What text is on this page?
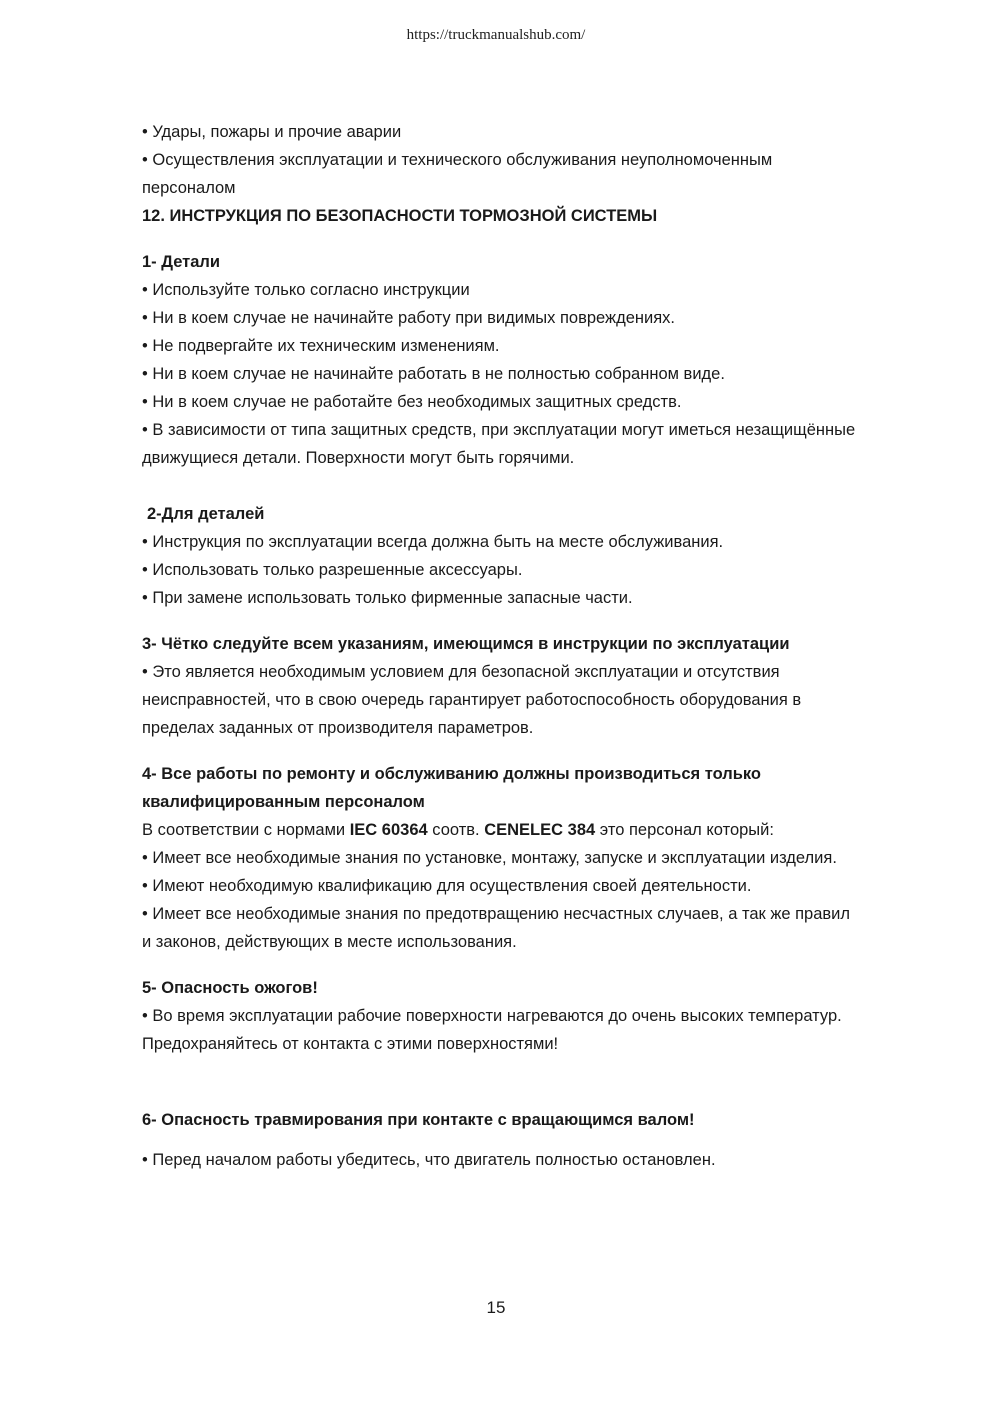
https://truckmanualshub.com/

• Удары, пожары и прочие аварии

• Осуществления эксплуатации и технического обслуживания неуполномоченным персоналом

12. ИНСТРУКЦИЯ ПО БЕЗОПАСНОСТИ ТОРМОЗНОЙ СИСТЕМЫ

1- Детали

• Используйте только согласно инструкции

• Ни в коем случае не начинайте работу при видимых повреждениях.

• Не подвергайте их техническим изменениям.

• Ни в коем случае не начинайте работать в не полностью собранном виде.

• Ни в коем случае не работайте без необходимых защитных средств.

• В зависимости от типа защитных средств, при эксплуатации могут иметься незащищённые движущиеся детали. Поверхности могут быть горячими.

2-Для деталей

• Инструкция по эксплуатации всегда должна быть на месте обслуживания.

• Использовать только разрешенные аксессуары.

• При замене использовать только фирменные запасные части.

3- Чётко следуйте всем указаниям, имеющимся в инструкции по эксплуатации

• Это является необходимым условием для безопасной эксплуатации и отсутствия неисправностей, что в свою очередь гарантирует работоспособность оборудования в пределах заданных от производителя параметров.

4- Все работы по ремонту и обслуживанию должны производиться только квалифицированным персоналом

В соответствии с нормами IEC 60364 соотв. CENELEC 384 это персонал который:

• Имеет все необходимые знания по установке, монтажу, запуске и эксплуатации изделия.

• Имеют необходимую квалификацию для осуществления своей деятельности.

• Имеет все необходимые знания по предотвращению несчастных случаев, а так же правил и законов, действующих в месте использования.

5- Опасность ожогов!

• Во время эксплуатации рабочие поверхности нагреваются до очень высоких температур. Предохраняйтесь от контакта с этими поверхностями!

6- Опасность травмирования при контакте с вращающимся валом!

• Перед началом работы убедитесь, что двигатель полностью остановлен.

15
